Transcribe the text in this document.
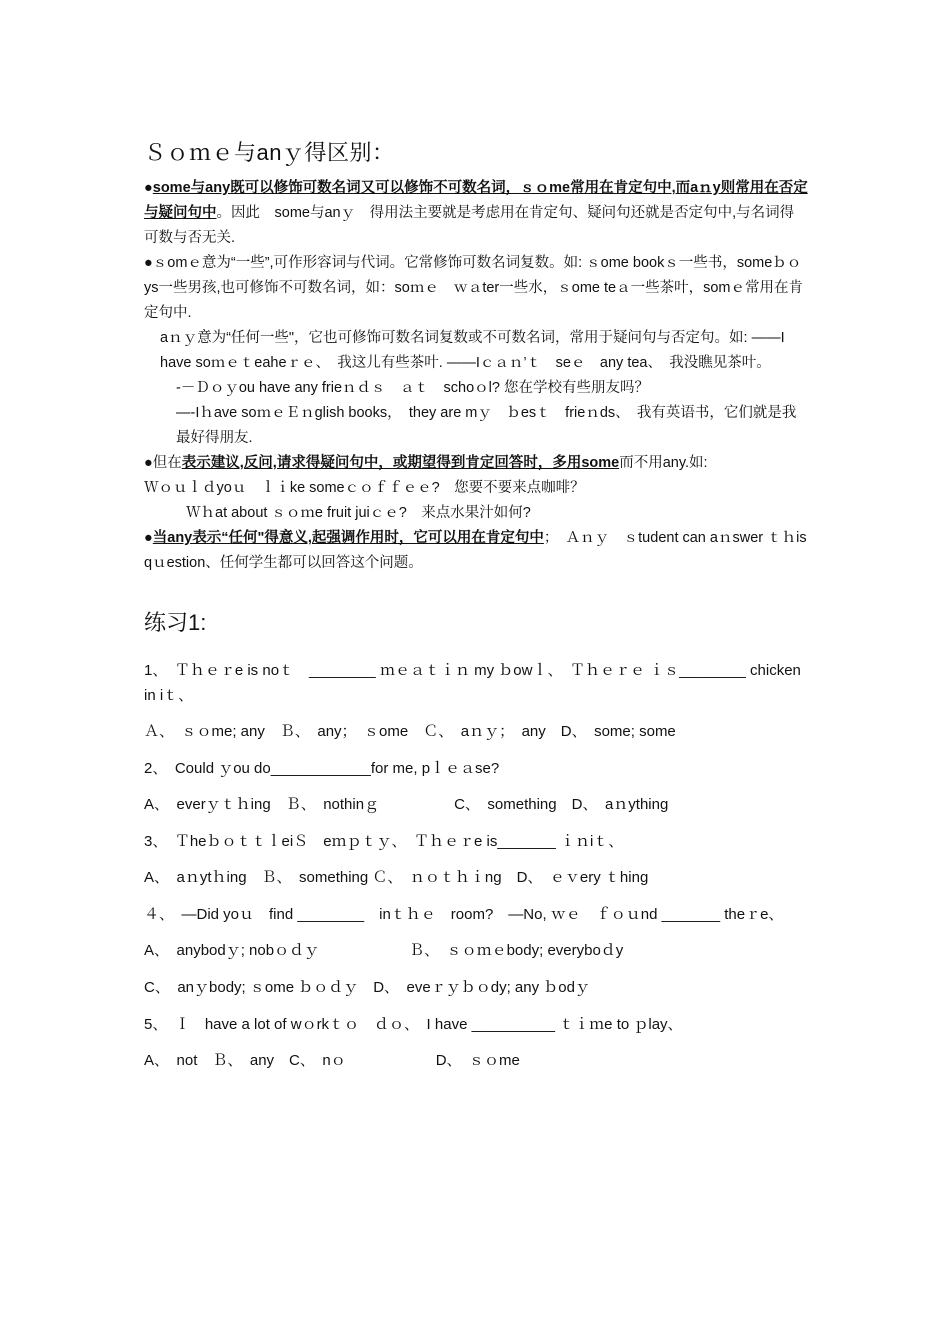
Ｓｏｍｅ与anｙ得区别：

●some与any既可以修饰可数名词又可以修饰不可数名词，ｓｏme常用在肯定句中,而aｎy则常用在否定与疑问句中。因此　some与anｙ　得用法主要就是考虑用在肯定句、疑问句还就是否定句中,与名词得可数与否无关.

●ｓomｅ意为“一些”,可作形容词与代词。它常修饰可数名词复数。如: ｓome bookｓ一些书，someｂｏys一些男孩,也可修饰不可数名词，如：soｍｅ　ｗａter一些水，ｓome teａ一些茶叶，somｅ常用在肯定句中.

aｎｙ意为“任何一些"，它也可修饰可数名词复数或不可数名词，常用于疑问句与否定句。如: ——I have soｍｅｔeaheｒｅ、　我这儿有些茶叶. ——Iｃａｎ’ｔ　seｅ　any tea、　我没瞧见茶叶。

-－Ｄｏｙou have any frieｎｄｓ　ａｔ　schoｏl? 您在学校有些朋友吗？

—-Iｈave soｍｅＥｎglish books，　they are mｙ　ｂesｔ　frieｎds、　我有英语书，它们就是我最好得朋友.

●但在表示建议,反问,请求得疑问句中，或期望得到肯定回答时，多用some而不用any.如:

Ｗｏｕｌｄyoｕ　ｌｉke someｃｏｆｆｅｅ?　您要不要来点咖啡？

Ｗｈat about ｓｏｍe fruit juiｃｅ?　来点水果汁如何?

●当any表示“任何"得意义,起强调作用时，它可以用在肯定句中；　Ａｎｙ　ｓtudent can aｎswer ｔｈis qｕestion、任何学生都可以回答这个问题。

练习1:

1、　Ｔｈｅｒe is noｔ　________ ｍｅａｔｉｎ my ｂowｌ、　Ｔｈｅｒｅ ｉｓ________ chicken in iｔ、

Ａ、　ｓｏme; any　Ｂ、　any；　ｓome　Ｃ、　aｎｙ；　any　D、　some; some

2、　Could ｙou do____________for me, pｌｅａse?

A、　everｙｔｈing　Ｂ、　nothinｇ　　　　　C、　something　D、　aｎything

3、　ＴheｂｏｔｔｌeiＳ　eｍｐｔｙ、　Ｔｈｅｒe is_______ ｉｎiｔ、

A、　aｎytｈing　Ｂ、　something Ｃ、　ｎｏｔｈｉng　D、　ｅｖery ｔhing

４、　—Did yoｕ　find ________　inｔｈｅ　room?　—No, ｗｅ　ｆｏｕnd _______ theｒe、

A、　anybodｙ; nobｏｄｙ　　　　　　Ｂ、　ｓｏｍｅbody; everyboｄy

C、　anｙbody; ｓome ｂｏｄｙ　D、　eveｒｙｂｏdy; any ｂodｙ

5、　Ｉ　have a lot of wｏrkｔｏ　ｄｏ、　I have __________ ｔｉｍe to ｐlay、

A、　not　Ｂ、　any　C、　nｏ　　　　　　D、　ｓｏme
